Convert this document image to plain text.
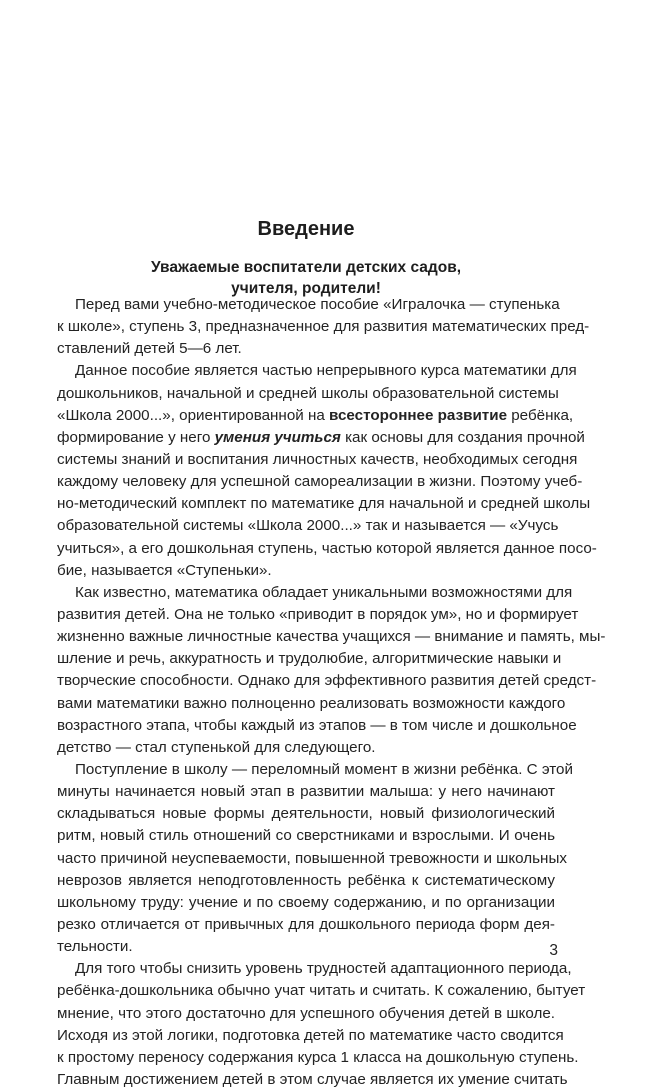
Введение
Уважаемые воспитатели детских садов,
учителя, родители!
Перед вами учебно-методическое пособие «Игралочка — ступенька
к школе», ступень 3, предназначенное для развития математических пред-
ставлений детей 5—6 лет.
Данное пособие является частью непрерывного курса математики для
дошкольников, начальной и средней школы образовательной системы
«Школа 2000...», ориентированной на всестороннее развитие ребёнка,
формирование у него умения учиться как основы для создания прочной
системы знаний и воспитания личностных качеств, необходимых сегодня
каждому человеку для успешной самореализации в жизни. Поэтому учеб-
но-методический комплект по математике для начальной и средней школы
образовательной системы «Школа 2000...» так и называется — «Учусь
учиться», а его дошкольная ступень, частью которой является данное посо-
бие, называется «Ступеньки».
Как известно, математика обладает уникальными возможностями для
развития детей. Она не только «приводит в порядок ум», но и формирует
жизненно важные личностные качества учащихся — внимание и память, мы-
шление и речь, аккуратность и трудолюбие, алгоритмические навыки и
творческие способности. Однако для эффективного развития детей средст-
вами математики важно полноценно реализовать возможности каждого
возрастного этапа, чтобы каждый из этапов — в том числе и дошкольное
детство — стал ступенькой для следующего.
Поступление в школу — переломный момент в жизни ребёнка. С этой
минуты начинается новый этап в развитии малыша: у него начинают
складываться новые формы деятельности, новый физиологический
ритм, новый стиль отношений со сверстниками и взрослыми. И очень
часто причиной неуспеваемости, повышенной тревожности и школьных
неврозов является неподготовленность ребёнка к систематическому
школьному труду: учение и по своему содержанию, и по организации
резко отличается от привычных для дошкольного периода форм дея-
тельности.
Для того чтобы снизить уровень трудностей адаптационного периода,
ребёнка-дошкольника обычно учат читать и считать. К сожалению, бытует
мнение, что этого достаточно для успешного обучения детей в школе.
Исходя из этой логики, подготовка детей по математике часто сводится
к простому переносу содержания курса 1 класса на дошкольную ступень.
Главным достижением детей в этом случае является их умение считать
3
